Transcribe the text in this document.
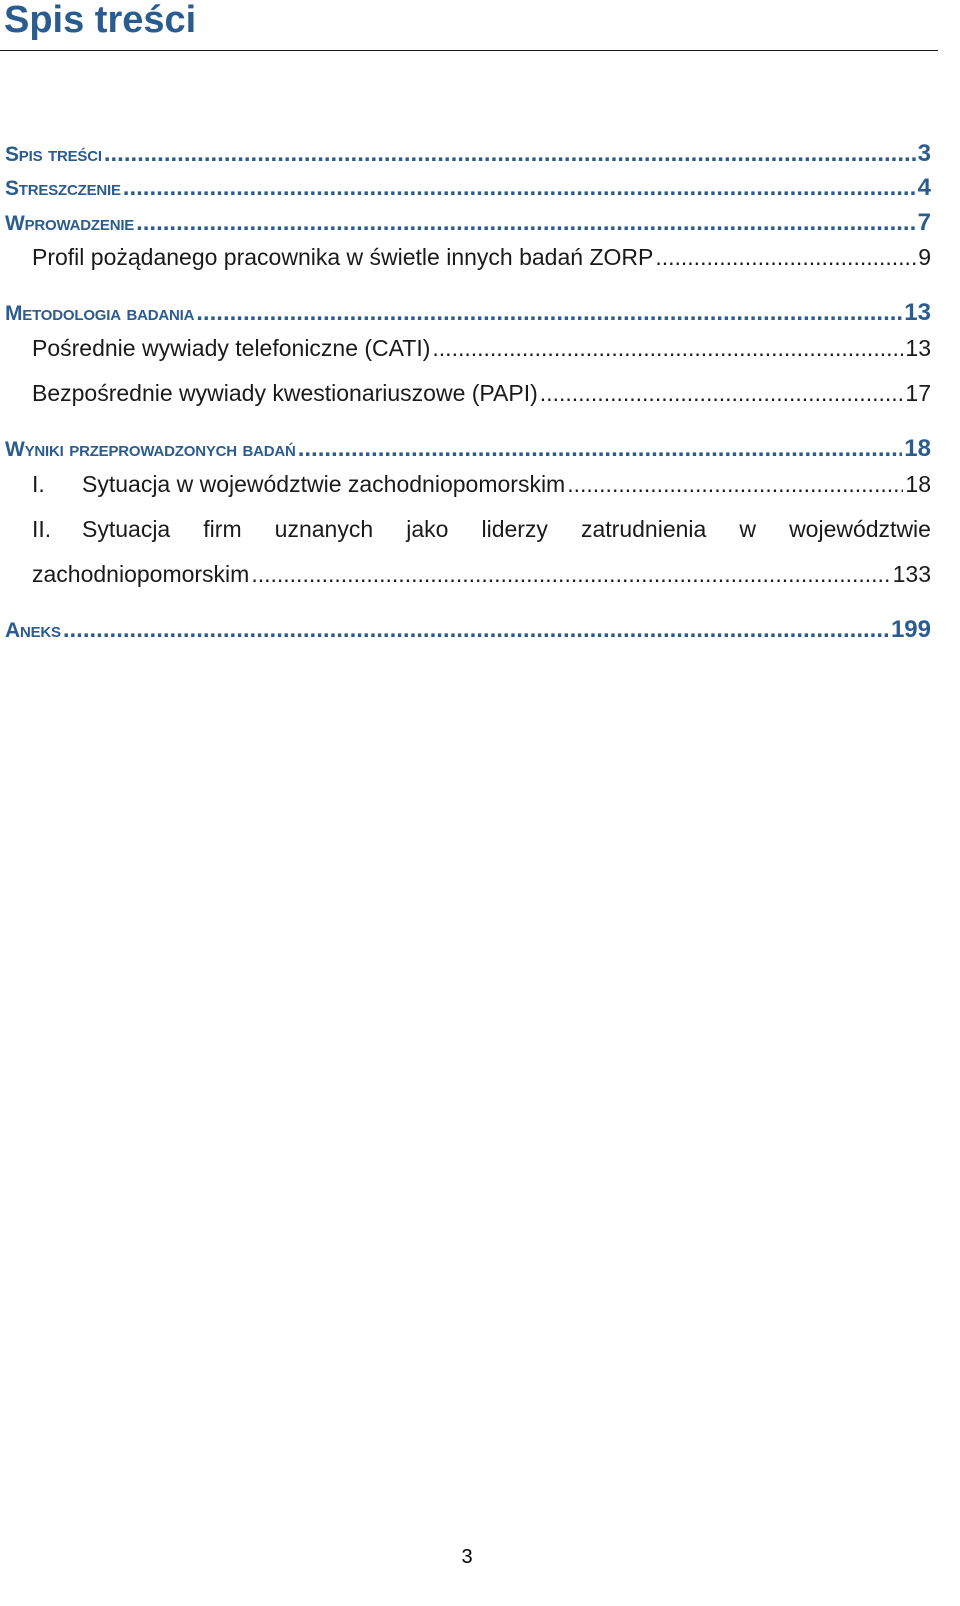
Spis treści
Spis treści .....	3
Streszczenie .....	4
Wprowadzenie .....	7
Profil pożądanego pracownika w świetle innych badań ZORP .....	9
Metodologia badania .....	13
Pośrednie wywiady telefoniczne (CATI) .....	13
Bezpośrednie wywiady kwestionariuszowe (PAPI) .....	17
Wyniki przeprowadzonych badań .....	18
I. Sytuacja w województwie zachodniopomorskim .....	18
II. Sytuacja firm uznanych jako liderzy zatrudnienia w województwie
zachodniopomorskim .....	133
Aneks .....	199
3
